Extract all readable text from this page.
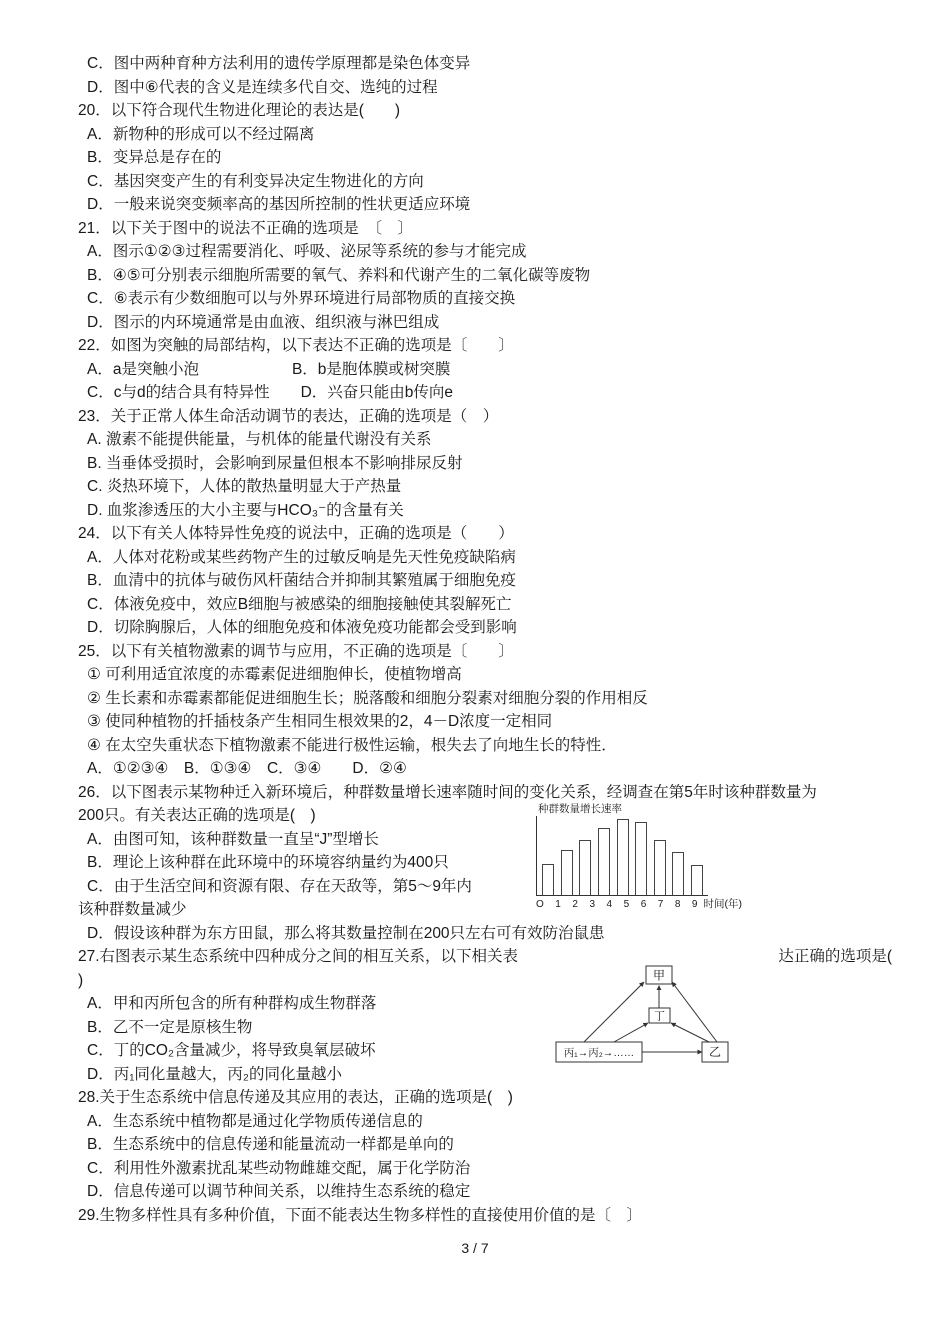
C．图中两种育种方法利用的遗传学原理都是染色体变异
D．图中⑥代表的含义是连续多代自交、选纯的过程
20．以下符合现代生物进化理论的表达是(　　)
A．新物种的形成可以不经过隔离
B．变异总是存在的
C．基因突变产生的有利变异决定生物进化的方向
D．一般来说突变频率高的基因所控制的性状更适应环境
21．以下关于图中的说法不正确的选项是　〔　〕
A．图示①②③过程需要消化、呼吸、泌尿等系统的参与才能完成
B．④⑤可分别表示细胞所需要的氧气、养料和代谢产生的二氧化碳等废物
C．⑥表示有少数细胞可以与外界环境进行局部物质的直接交换
D．图示的内环境通常是由血液、组织液与淋巴组成
22．如图为突触的局部结构，以下表达不正确的选项是〔　　〕
A．a是突触小泡　　　　　　B．b是胞体膜或树突膜
C．c与d的结合具有特异性　　D．兴奋只能由b传向e
23．关于正常人体生命活动调节的表达，正确的选项是（　）
A. 激素不能提供能量，与机体的能量代谢没有关系
B. 当垂体受损时，会影响到尿量但根本不影响排尿反射
C. 炎热环境下，人体的散热量明显大于产热量
D. 血浆渗透压的大小主要与HCO₃⁻的含量有关
24．以下有关人体特异性免疫的说法中，正确的选项是（　　）
A．人体对花粉或某些药物产生的过敏反响是先天性免疫缺陷病
B．血清中的抗体与破伤风杆菌结合并抑制其繁殖属于细胞免疫
C．体液免疫中，效应B细胞与被感染的细胞接触使其裂解死亡
D．切除胸腺后，人体的细胞免疫和体液免疫功能都会受到影响
25．以下有关植物激素的调节与应用，不正确的选项是〔　　〕
① 可利用适宜浓度的赤霉素促进细胞伸长，使植物增高
② 生长素和赤霉素都能促进细胞生长；脱落酸和细胞分裂素对细胞分裂的作用相反
③ 使同种植物的扦插枝条产生相同生根效果的2，4－D浓度一定相同
④ 在太空失重状态下植物激素不能进行极性运输，根失去了向地生长的特性．
A．①②③④　B．①③④　C．③④　　D．②④
26．以下图表示某物种迁入新环境后，种群数量增长速率随时间的变化关系，经调查在第5年时该种群数量为
200只。有关表达正确的选项是(　)
A．由图可知，该种群数量一直呈“J”型增长
B．理论上该种群在此环境中的环境容纳量约为400只
C．由于生活空间和资源有限、存在天敌等，第5～9年内
该种群数量减少
D．假设该种群为东方田鼠，那么将其数量控制在200只左右可有效防治鼠患
27.右图表示某生态系统中四种成分之间的相互关系，以下相关表	达正确的选项是(
)
A．甲和丙所包含的所有种群构成生物群落
B．乙不一定是原核生物
C．丁的CO₂含量减少，将导致臭氧层破坏
D．丙₁同化量越大，丙₂的同化量越小
28.关于生态系统中信息传递及其应用的表达，正确的选项是(　)
A．生态系统中植物都是通过化学物质传递信息的
B．生态系统中的信息传递和能量流动一样都是单向的
C．利用性外激素扰乱某些动物雌雄交配，属于化学防治
D．信息传递可以调节种间关系，以维持生态系统的稳定
29.生物多样性具有多种价值，下面不能表达生物多样性的直接使用价值的是〔　〕
种群数量增长速率
O 1 2 3 4 5 6 7 8 9 时间(年)
甲
丁
丙₁→丙₂→……	乙
3 / 7
